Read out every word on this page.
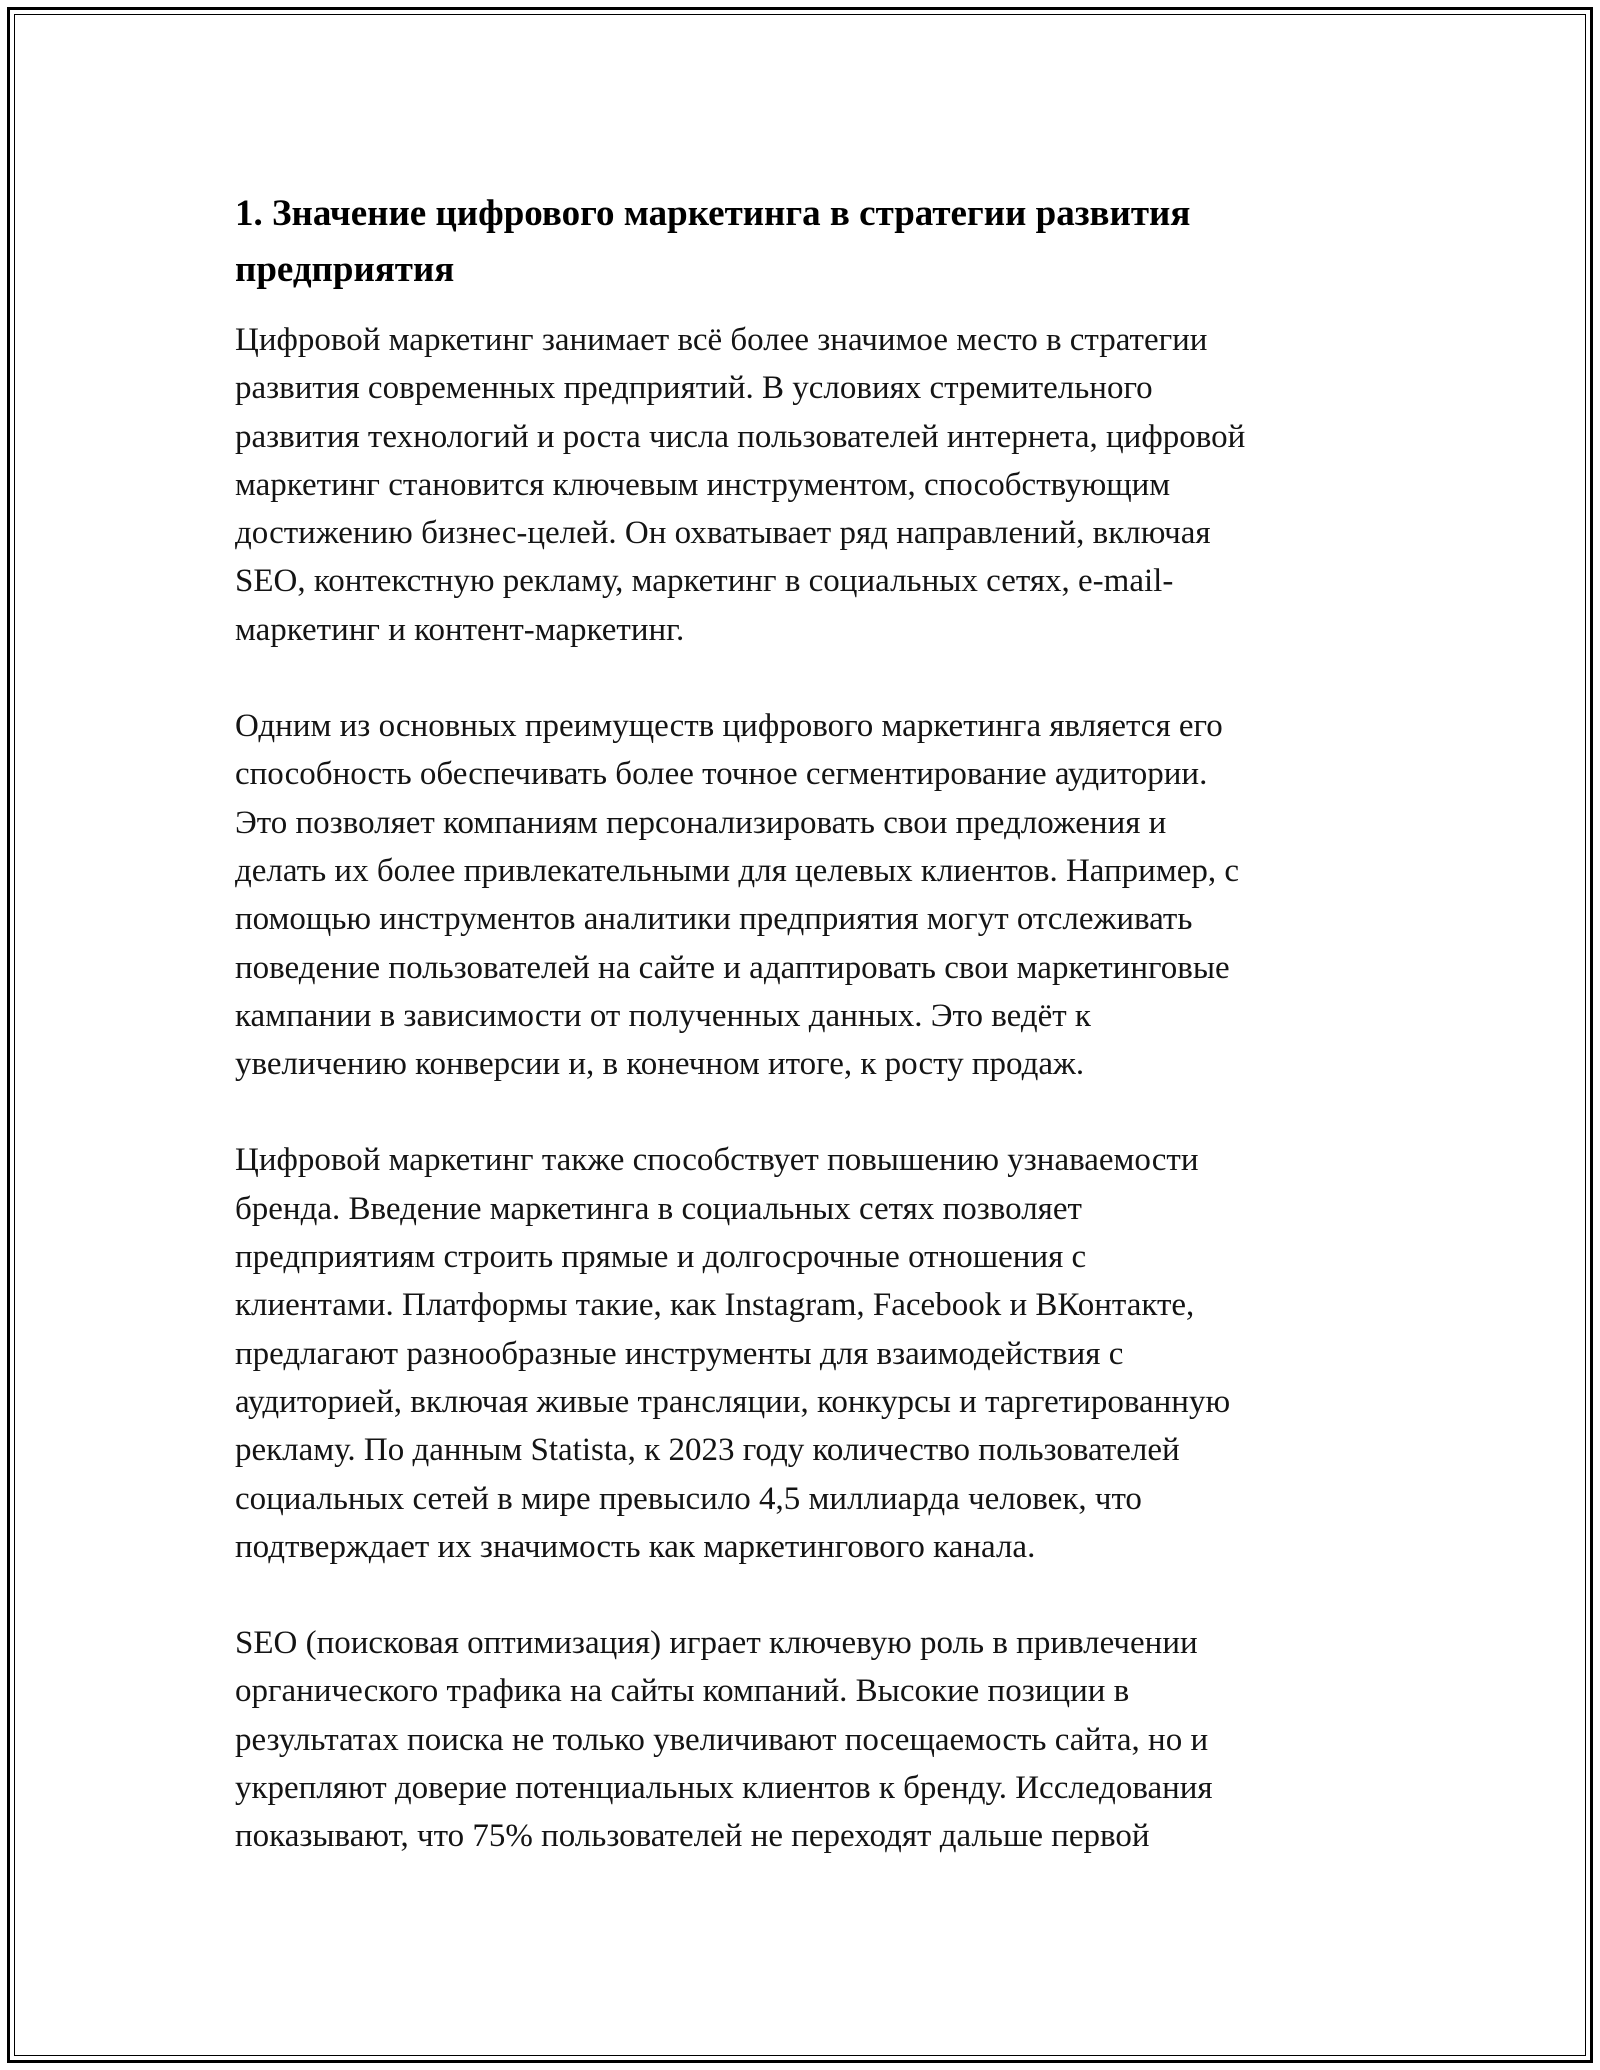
1. Значение цифрового маркетинга в стратегии развития
предприятия

Цифровой маркетинг занимает всё более значимое место в стратегии
развития современных предприятий. В условиях стремительного
развития технологий и роста числа пользователей интернета, цифровой
маркетинг становится ключевым инструментом, способствующим
достижению бизнес-целей. Он охватывает ряд направлений, включая
SEO, контекстную рекламу, маркетинг в социальных сетях, e-mail-
маркетинг и контент-маркетинг.

Одним из основных преимуществ цифрового маркетинга является его
способность обеспечивать более точное сегментирование аудитории.
Это позволяет компаниям персонализировать свои предложения и
делать их более привлекательными для целевых клиентов. Например, с
помощью инструментов аналитики предприятия могут отслеживать
поведение пользователей на сайте и адаптировать свои маркетинговые
кампании в зависимости от полученных данных. Это ведёт к
увеличению конверсии и, в конечном итоге, к росту продаж.

Цифровой маркетинг также способствует повышению узнаваемости
бренда. Введение маркетинга в социальных сетях позволяет
предприятиям строить прямые и долгосрочные отношения с
клиентами. Платформы такие, как Instagram, Facebook и ВКонтакте,
предлагают разнообразные инструменты для взаимодействия с
аудиторией, включая живые трансляции, конкурсы и таргетированную
рекламу. По данным Statista, к 2023 году количество пользователей
социальных сетей в мире превысило 4,5 миллиарда человек, что
подтверждает их значимость как маркетингового канала.

SEO (поисковая оптимизация) играет ключевую роль в привлечении
органического трафика на сайты компаний. Высокие позиции в
результатах поиска не только увеличивают посещаемость сайта, но и
укрепляют доверие потенциальных клиентов к бренду. Исследования
показывают, что 75% пользователей не переходят дальше первой
